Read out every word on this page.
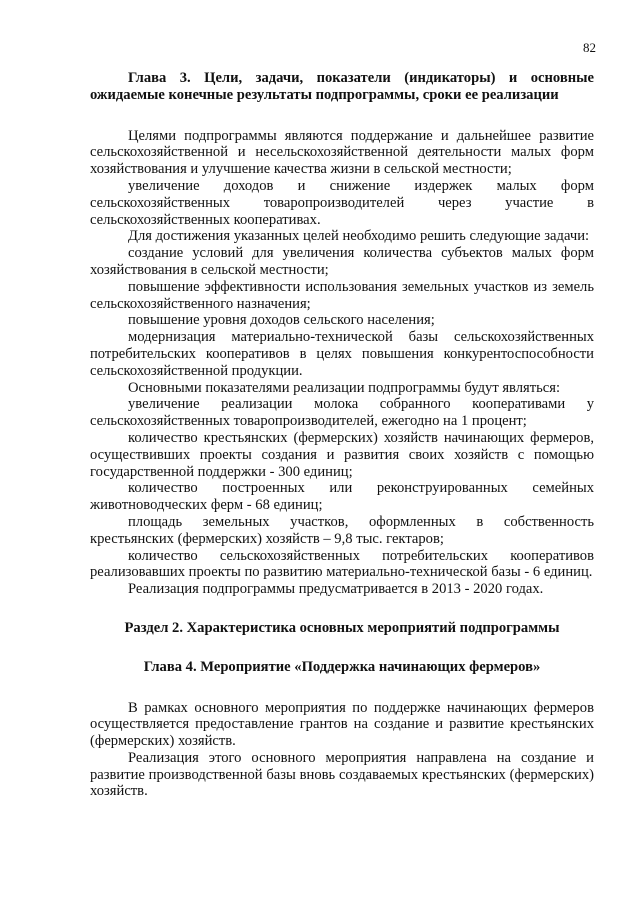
82

Глава 3. Цели, задачи, показатели (индикаторы) и основные ожидаемые конечные результаты подпрограммы, сроки ее реализации

Целями подпрограммы являются поддержание и дальнейшее развитие сельскохозяйственной и несельскохозяйственной деятельности малых форм хозяйствования и улучшение качества жизни в сельской местности;

увеличение доходов и снижение издержек малых форм сельскохозяйственных товаропроизводителей через участие в сельскохозяйственных кооперативах.

Для достижения указанных целей необходимо решить следующие задачи:

создание условий для увеличения количества субъектов малых форм хозяйствования в сельской местности;

повышение эффективности использования земельных участков из земель сельскохозяйственного назначения;

повышение уровня доходов сельского населения;

модернизация материально-технической базы сельскохозяйственных потребительских кооперативов в целях повышения конкурентоспособности сельскохозяйственной продукции.

Основными показателями реализации подпрограммы будут являться:

увеличение реализации молока собранного кооперативами у сельскохозяйственных товаропроизводителей, ежегодно на 1 процент;

количество крестьянских (фермерских) хозяйств начинающих фермеров, осуществивших проекты создания и развития своих хозяйств с помощью государственной поддержки - 300 единиц;

количество построенных или реконструированных семейных животноводческих ферм - 68 единиц;

площадь земельных участков, оформленных в собственность крестьянских (фермерских) хозяйств – 9,8 тыс. гектаров;

количество сельскохозяйственных потребительских кооперативов реализовавших проекты по развитию материально-технической базы - 6 единиц.

Реализация подпрограммы предусматривается в 2013 - 2020 годах.

Раздел 2. Характеристика основных мероприятий подпрограммы

Глава 4. Мероприятие «Поддержка начинающих фермеров»

В рамках основного мероприятия по поддержке начинающих фермеров осуществляется предоставление грантов на создание и развитие крестьянских (фермерских) хозяйств.

Реализация этого основного мероприятия направлена на создание и развитие производственной базы вновь создаваемых крестьянских (фермерских) хозяйств.
